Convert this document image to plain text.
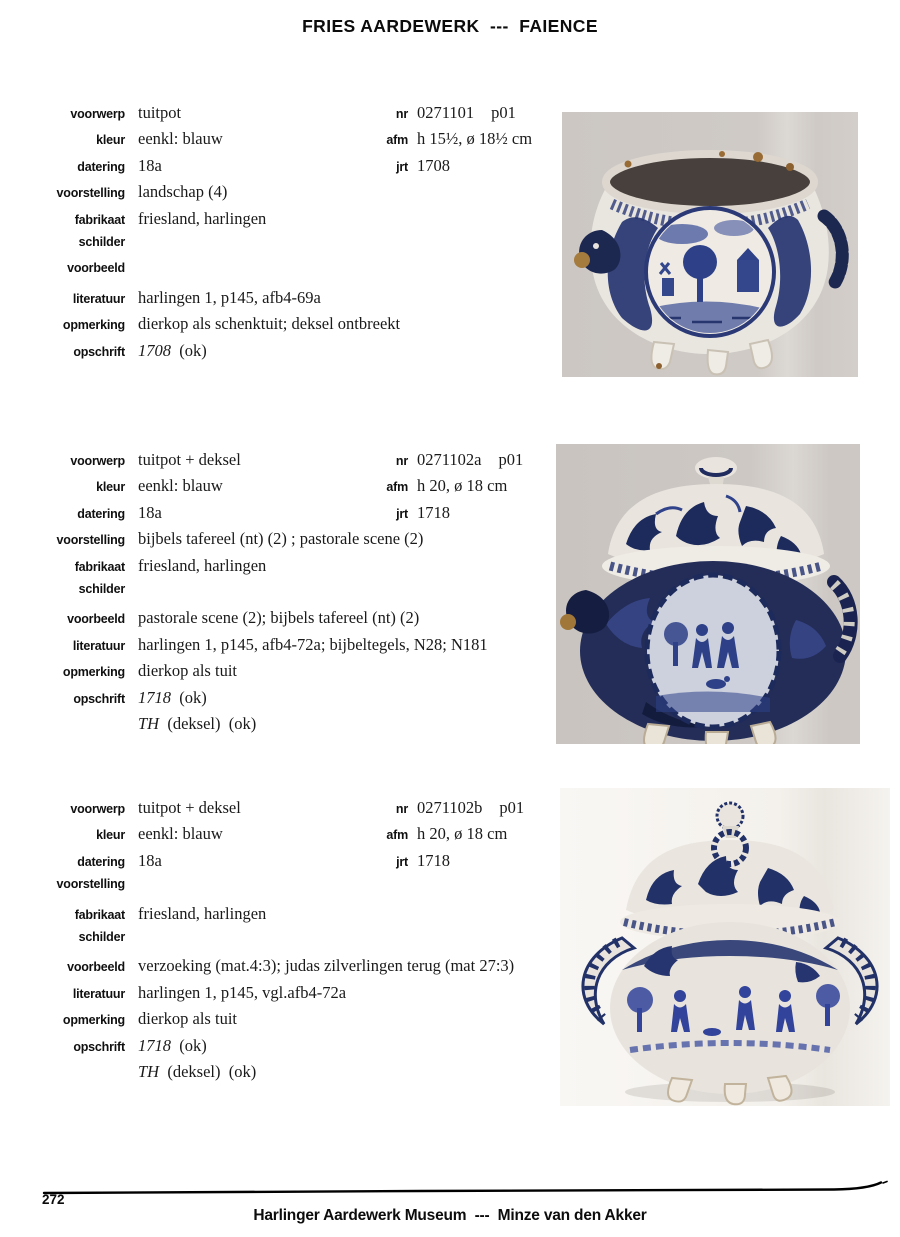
FRIES AARDEWERK  ---  FAIENCE
voorwerp tuitpot
kleur eenkl: blauw
datering 18a
voorstelling landschap (4)
fabrikaat friesland, harlingen
schilder
voorbeeld
literatuur harlingen 1, p145, afb4-69a
opmerking dierkop als schenktuit; deksel ontbreekt
opschrift 1708  (ok)
nr 0271101 p01
afm h 15½, ø 18½ cm
jrt 1708
voorwerp tuitpot + deksel
kleur eenkl: blauw
datering 18a
voorstelling bijbels tafereel (nt) (2) ; pastorale scene (2)
fabrikaat friesland, harlingen
schilder
voorbeeld pastorale scene (2); bijbels tafereel (nt) (2)
literatuur harlingen 1, p145, afb4-72a; bijbeltegels, N28; N181
opmerking dierkop als tuit
opschrift 1718  (ok)
TH  (deksel)  (ok)
nr 0271102a p01
afm h 20, ø 18 cm
jrt 1718
voorwerp tuitpot + deksel
kleur eenkl: blauw
datering 18a
voorstelling
fabrikaat friesland, harlingen
schilder
voorbeeld verzoeking (mat.4:3); judas zilverlingen terug (mat 27:3)
literatuur harlingen 1, p145, vgl.afb4-72a
opmerking dierkop als tuit
opschrift 1718  (ok)
TH  (deksel)  (ok)
nr 0271102b p01
afm h 20, ø 18 cm
jrt 1718
272
Harlinger Aardewerk Museum  ---  Minze van den Akker
